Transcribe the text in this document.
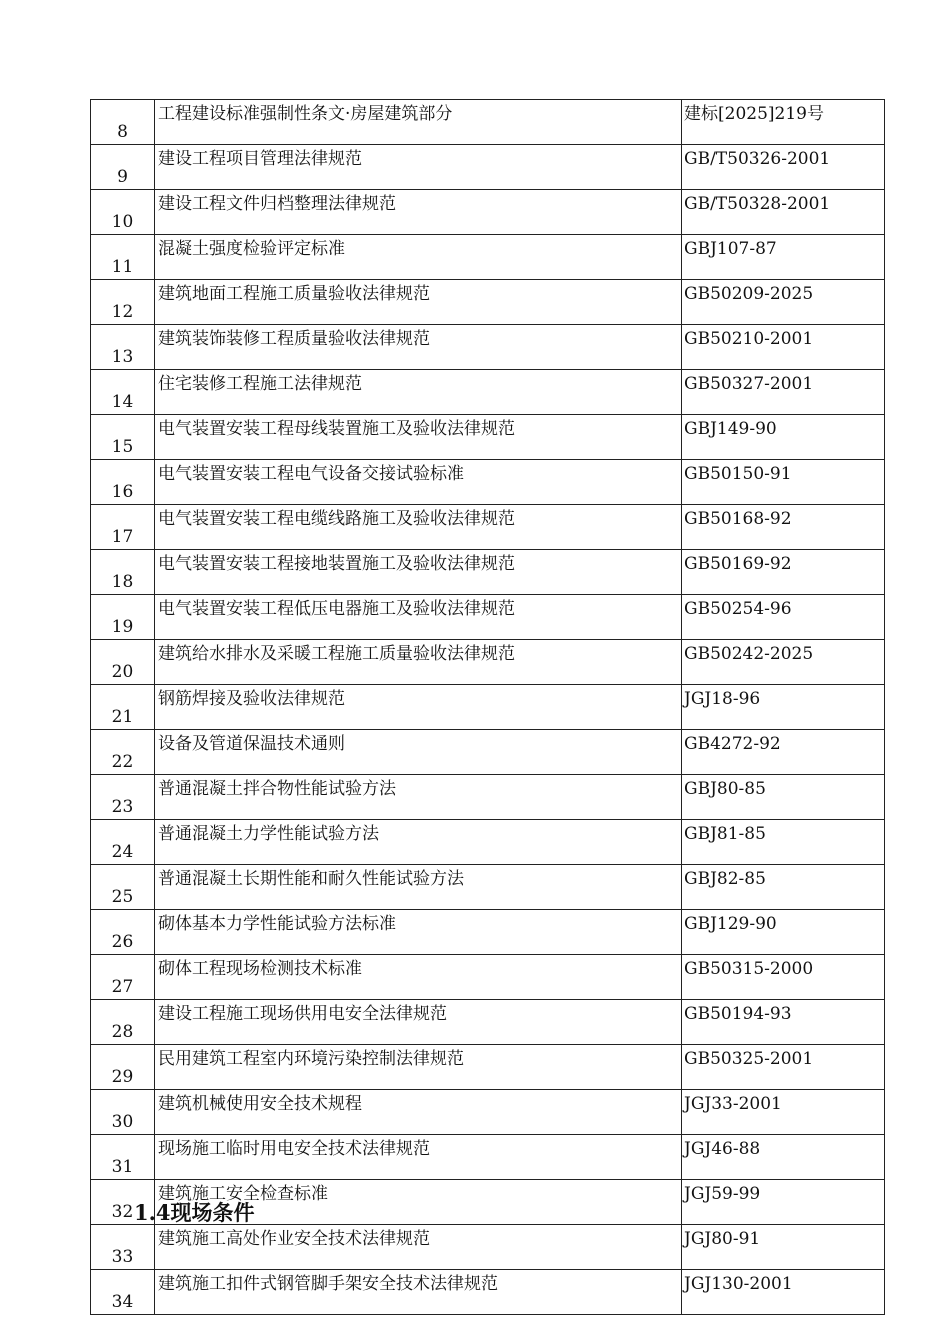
8	工程建设标准强制性条文·房屋建筑部分	建标[2025]219号
9	建设工程项目管理法律规范	GB/T50326-2001
10	建设工程文件归档整理法律规范	GB/T50328-2001
11	混凝土强度检验评定标准	GBJ107-87
12	建筑地面工程施工质量验收法律规范	GB50209-2025
13	建筑装饰装修工程质量验收法律规范	GB50210-2001
14	住宅装修工程施工法律规范	GB50327-2001
15	电气装置安装工程母线装置施工及验收法律规范	GBJ149-90
16	电气装置安装工程电气设备交接试验标准	GB50150-91
17	电气装置安装工程电缆线路施工及验收法律规范	GB50168-92
18	电气装置安装工程接地装置施工及验收法律规范	GB50169-92
19	电气装置安装工程低压电器施工及验收法律规范	GB50254-96
20	建筑给水排水及采暖工程施工质量验收法律规范	GB50242-2025
21	钢筋焊接及验收法律规范	JGJ18-96
22	设备及管道保温技术通则	GB4272-92
23	普通混凝土拌合物性能试验方法	GBJ80-85
24	普通混凝土力学性能试验方法	GBJ81-85
25	普通混凝土长期性能和耐久性能试验方法	GBJ82-85
26	砌体基本力学性能试验方法标准	GBJ129-90
27	砌体工程现场检测技术标准	GB50315-2000
28	建设工程施工现场供用电安全法律规范	GB50194-93
29	民用建筑工程室内环境污染控制法律规范	GB50325-2001
30	建筑机械使用安全技术规程	JGJ33-2001
31	现场施工临时用电安全技术法律规范	JGJ46-88
32	建筑施工安全检查标准	JGJ59-99
33	建筑施工高处作业安全技术法律规范	JGJ80-91
34	建筑施工扣件式钢管脚手架安全技术法律规范	JGJ130-2001
1.4现场条件
